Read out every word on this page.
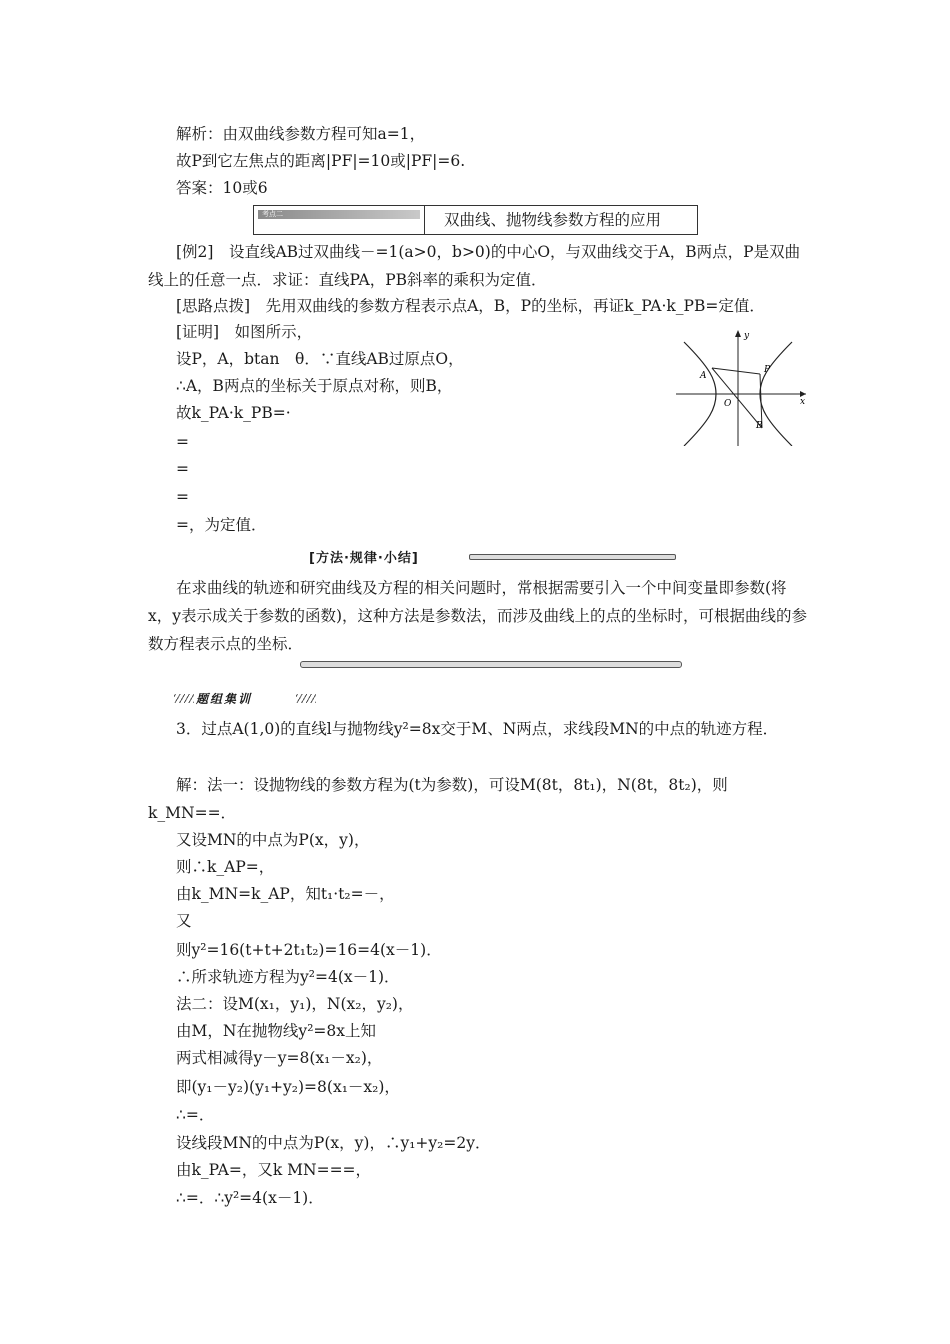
解析：由双曲线参数方程可知a=1，
故P到它左焦点的距离|PF|=10或|PF|=6.
答案：10或6
考点二	双曲线、抛物线参数方程的应用
[例2]　设直线AB过双曲线－=1(a>0，b>0)的中心O，与双曲线交于A，B两点，P是双曲线上的任意一点．求证：直线PA，PB斜率的乘积为定值．
[思路点拨]　先用双曲线的参数方程表示点A，B，P的坐标，再证k_PA·k_PB=定值．
[证明]　如图所示，
设P，A，btan　θ．∵直线AB过原点O，
∴A，B两点的坐标关于原点对称，则B，
故k_PA·k_PB=·
=
=
=
=，为定值．
y
x
A
P
O
B
[方法·规律·小结]
在求曲线的轨迹和研究曲线及方程的相关问题时，常根据需要引入一个中间变量即参数(将x，y表示成关于参数的函数)，这种方法是参数法，而涉及曲线上的点的坐标时，可根据曲线的参数方程表示点的坐标．
题组集训
3．过点A(1,0)的直线l与抛物线y²=8x交于M、N两点，求线段MN的中点的轨迹方程．
解：法一：设抛物线的参数方程为(t为参数)，可设M(8t，8t₁)，N(8t，8t₂)，则k_MN==．
又设MN的中点为P(x，y)，
则∴k_AP=，
由k_MN=k_AP，知t₁·t₂=－，
又
则y²=16(t+t+2t₁t₂)=16=4(x－1)．
∴所求轨迹方程为y²=4(x－1)．
法二：设M(x₁，y₁)，N(x₂，y₂)，
由M，N在抛物线y²=8x上知
两式相减得y－y=8(x₁－x₂)，
即(y₁－y₂)(y₁+y₂)=8(x₁－x₂)，
∴=．
设线段MN的中点为P(x，y)，∴y₁+y₂=2y．
由k_PA=，又k MN===，
∴=．∴y²=4(x－1)．
